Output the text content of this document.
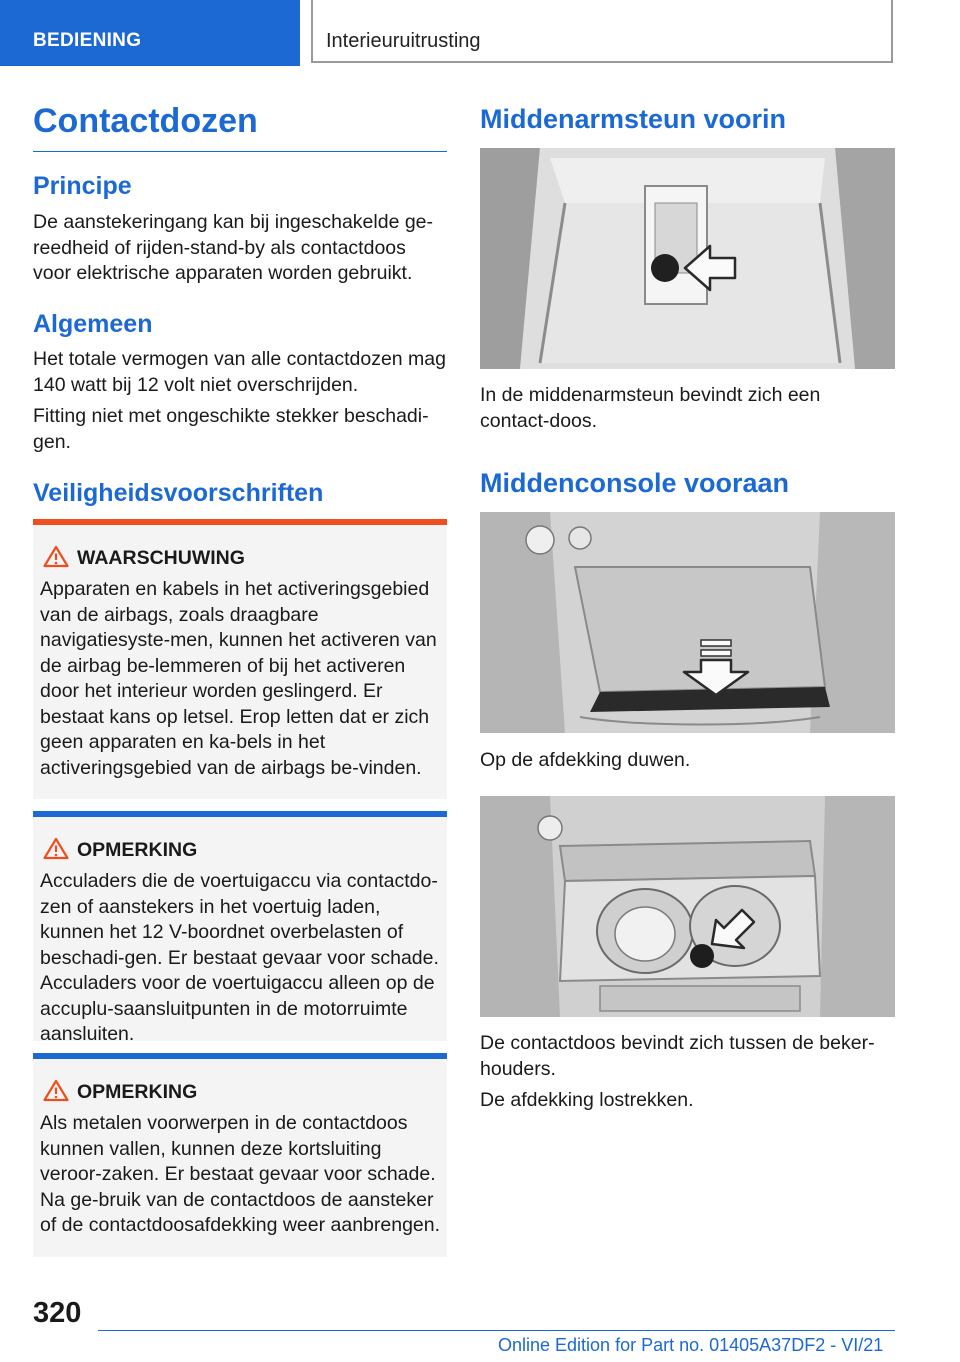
BEDIENING	Interieuruitrusting
Contactdozen
Principe
De aanstekeringang kan bij ingeschakelde ge-reedheid of rijden-stand-by als contactdoos voor elektrische apparaten worden gebruikt.
Algemeen
Het totale vermogen van alle contactdozen mag 140 watt bij 12 volt niet overschrijden.
Fitting niet met ongeschikte stekker beschadi-gen.
Veiligheidsvoorschriften
WAARSCHUWING
Apparaten en kabels in het activeringsgebied van de airbags, zoals draagbare navigatiesyste-men, kunnen het activeren van de airbag be-lemmeren of bij het activeren door het interieur worden geslingerd. Er bestaat kans op letsel. Erop letten dat er zich geen apparaten en ka-bels in het activeringsgebied van de airbags be-vinden.
OPMERKING
Acculaders die de voertuigaccu via contactdo-zen of aanstekers in het voertuig laden, kunnen het 12 V-boordnet overbelasten of beschadi-gen. Er bestaat gevaar voor schade. Acculaders voor de voertuigaccu alleen op de accuplu-saansluitpunten in de motorruimte aansluiten.
OPMERKING
Als metalen voorwerpen in de contactdoos kunnen vallen, kunnen deze kortsluiting veroor-zaken. Er bestaat gevaar voor schade. Na ge-bruik van de contactdoos de aansteker of de contactdoosafdekking weer aanbrengen.
Middenarmsteun voorin
In de middenarmsteun bevindt zich een contact-doos.
Middenconsole vooraan
Op de afdekking duwen.
De contactdoos bevindt zich tussen de beker-houders.
De afdekking lostrekken.
320
Online Edition for Part no. 01405A37DF2 - VI/21
